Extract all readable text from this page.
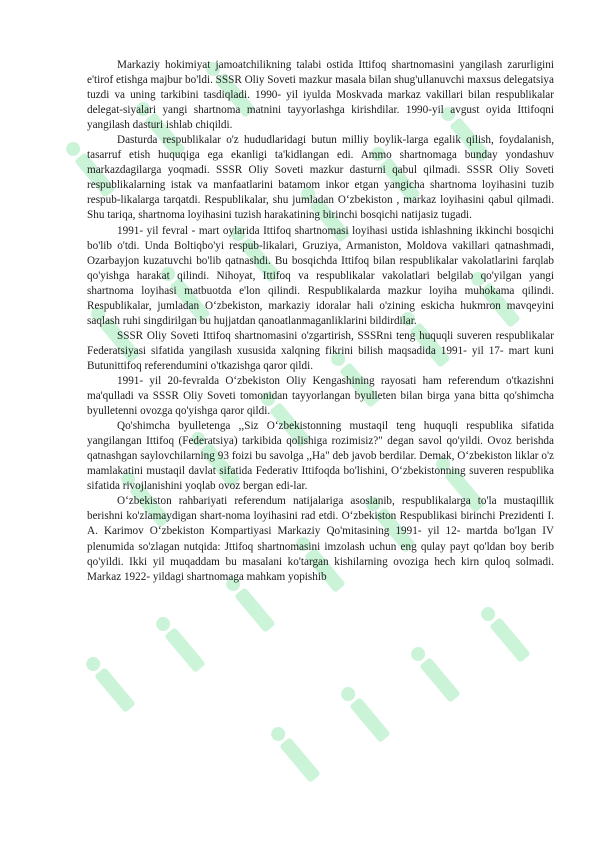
Markaziy hokimiyat jamoatchilikning talabi ostida Ittifoq shartnomasini yangilash zarurligini e'tirof etishga majbur bo'ldi. SSSR Oliy Soveti mazkur masala bilan shug'ullanuvchi maxsus delegatsiya tuzdi va uning tarkibini tasdiqladi. 1990- yil iyulda Moskvada markaz vakillari bilan respublikalar delegat-siyalari yangi shartnoma matnini tayyorlashga kirishdilar. 1990-yil avgust oyida Ittifoqni yangilash dasturi ishlab chiqildi.

Dasturda respublikalar o'z hududlaridagi butun milliy boylik-larga egalik qilish, foydalanish, tasarruf etish huquqiga ega ekanligi ta'kidlangan edi. Ammo shartnomaga bunday yondashuv markazdagilarga yoqmadi. SSSR Oliy Soveti mazkur dasturni qabul qilmadi. SSSR Oliy Soveti respublikalarning istak va manfaatlarini batamom inkor etgan yangicha shartnoma loyihasini tuzib respub-likalarga tarqatdi. Respublikalar, shu jumladan O‘zbekiston , markaz loyihasini qabul qilmadi. Shu tariqa, shartnoma loyihasini tuzish harakatining birinchi bosqichi natijasiz tugadi.

1991- yil fevral - mart oylarida Ittifoq shartnomasi loyihasi ustida ishlashning ikkinchi bosqichi bo'lib o'tdi. Unda Boltiqbo'yi respub-likalari, Gruziya, Armaniston, Moldova vakillari qatnashmadi, Ozarbayjon kuzatuvchi bo'lib qatnashdi. Bu bosqichda Ittifoq bilan respublikalar vakolatlarini farqlab qo'yishga harakat qilindi. Nihoyat, Ittifoq va respublikalar vakolatlari belgilab qo'yilgan yangi shartnoma loyihasi matbuotda e'lon qilindi. Respublikalarda mazkur loyiha muhokama qilindi. Respublikalar, jumladan O‘zbekiston, markaziy idoralar hali o'zining eskicha hukmron mavqeyini saqlash ruhi singdirilgan bu hujjatdan qanoatlanmaganliklarini bildirdilar.

SSSR Oliy Soveti Ittifoq shartnomasini o'zgartirish, SSSRni teng huquqli suveren respublikalar Federatsiyasi sifatida yangilash xususida xalqning fikrini bilish maqsadida 1991- yil 17- mart kuni Butunittifoq referendumini o'tkazishga qaror qildi.

1991- yil 20-fevralda O‘zbekiston Oliy Kengashining rayosati ham referendum o'tkazishni ma'qulladi va SSSR Oliy Soveti tomonidan tayyorlangan byulleten bilan birga yana bitta qo'shimcha byulletenni ovozga qo'yishga qaror qildi.

Qo'shimcha byulletenga ,,Siz O‘zbekistonning mustaqil teng huquqli respublika sifatida yangilangan Ittifoq (Federatsiya) tarkibida qolishiga rozimisiz?" degan savol qo'yildi. Ovoz berishda qatnashgan saylovchilarning 93 foizi bu savolga ,,Ha" deb javob berdilar. Demak, O‘zbekiston liklar o'z mamlakatini mustaqil davlat sifatida Federativ Ittifoqda bo'lishini, O‘zbekistonning suveren respublika sifatida rivojlanishini yoqlab ovoz bergan edi-lar.

O‘zbekiston rahbariyati referendum natijalariga asoslanib, respublikalarga to'la mustaqillik berishni ko'zlamaydigan shart-noma loyihasini rad etdi. O‘zbekiston Respublikasi birinchi Prezidenti I. A. Karimov O‘zbekiston Kompartiyasi Markaziy Qo'mitasining 1991- yil 12- martda bo'lgan IV plenumida so'zlagan nutqida: Jttifoq shartnomasini imzolash uchun eng qulay payt qo'ldan boy berib qo'yildi. Ikki yil muqaddam bu masalani ko'targan kishilarning ovoziga hech kirn quloq solmadi. Markaz 1922- yildagi shartnomaga mahkam yopishib
